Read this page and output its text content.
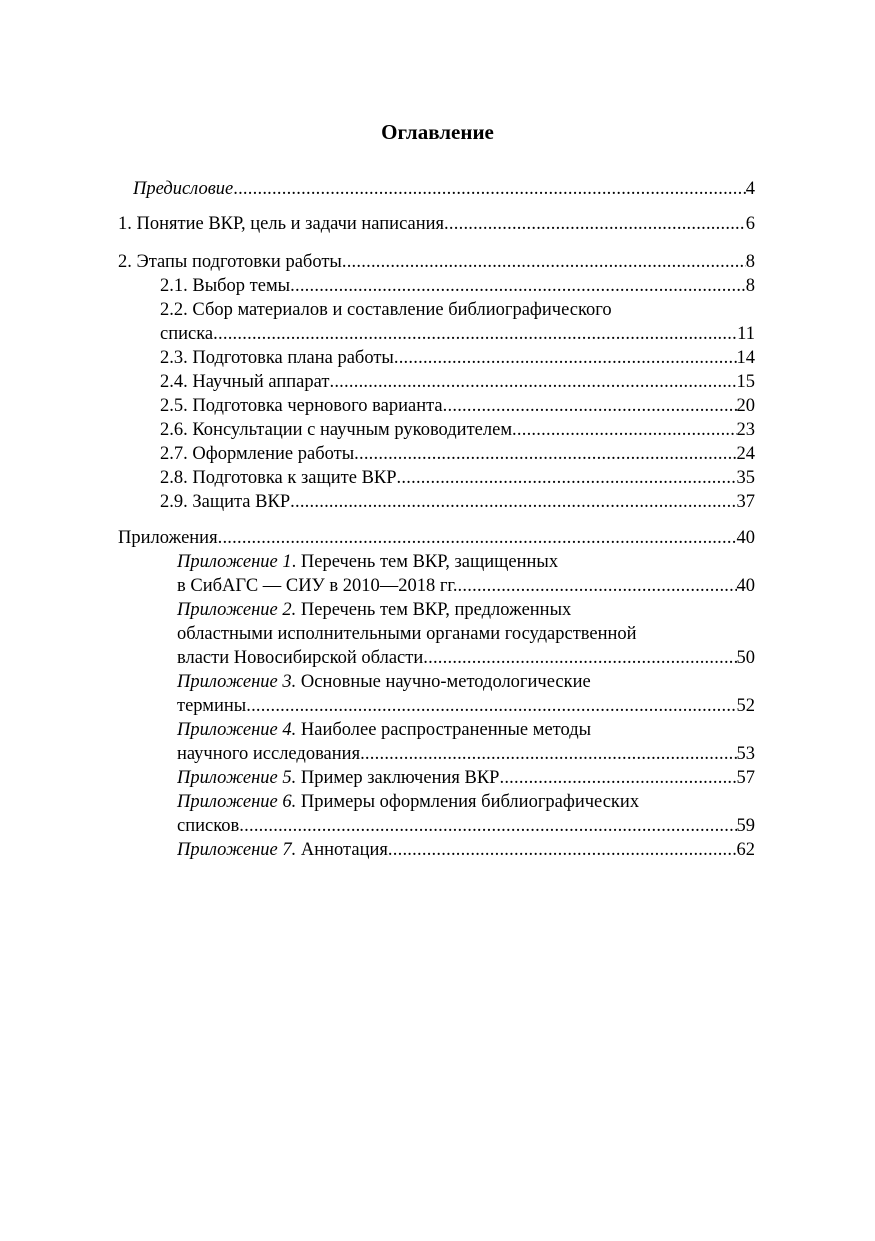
Оглавление
Предисловие . . .	4
1. Понятие ВКР, цель и задачи написания . . .	6
2. Этапы подготовки работы . . .	8
2.1. Выбор темы . . .	8
2.2. Сбор материалов и составление библиографического
списка . . .	11
2.3. Подготовка плана работы . . .	14
2.4. Научный аппарат . . .	15
2.5. Подготовка чернового варианта . . .	20
2.6. Консультации с научным руководителем . . .	23
2.7. Оформление работы . . .	24
2.8. Подготовка к защите ВКР . . .	35
2.9. Защита ВКР . . .	37
Приложения . . .	40
Приложение 1. Перечень тем ВКР, защищенных
в СибАГС — СИУ в 2010—2018 гг. . . .	40
Приложение 2. Перечень тем ВКР, предложенных
областными исполнительными органами государственной
власти Новосибирской области . . .	50
Приложение 3. Основные научно-методологические
термины . . .	52
Приложение 4. Наиболее распространенные методы
научного исследования . . .	53
Приложение 5. Пример заключения ВКР . . .	57
Приложение 6. Примеры оформления библиографических
списков . . .	59
Приложение 7. Аннотация . . .	62
